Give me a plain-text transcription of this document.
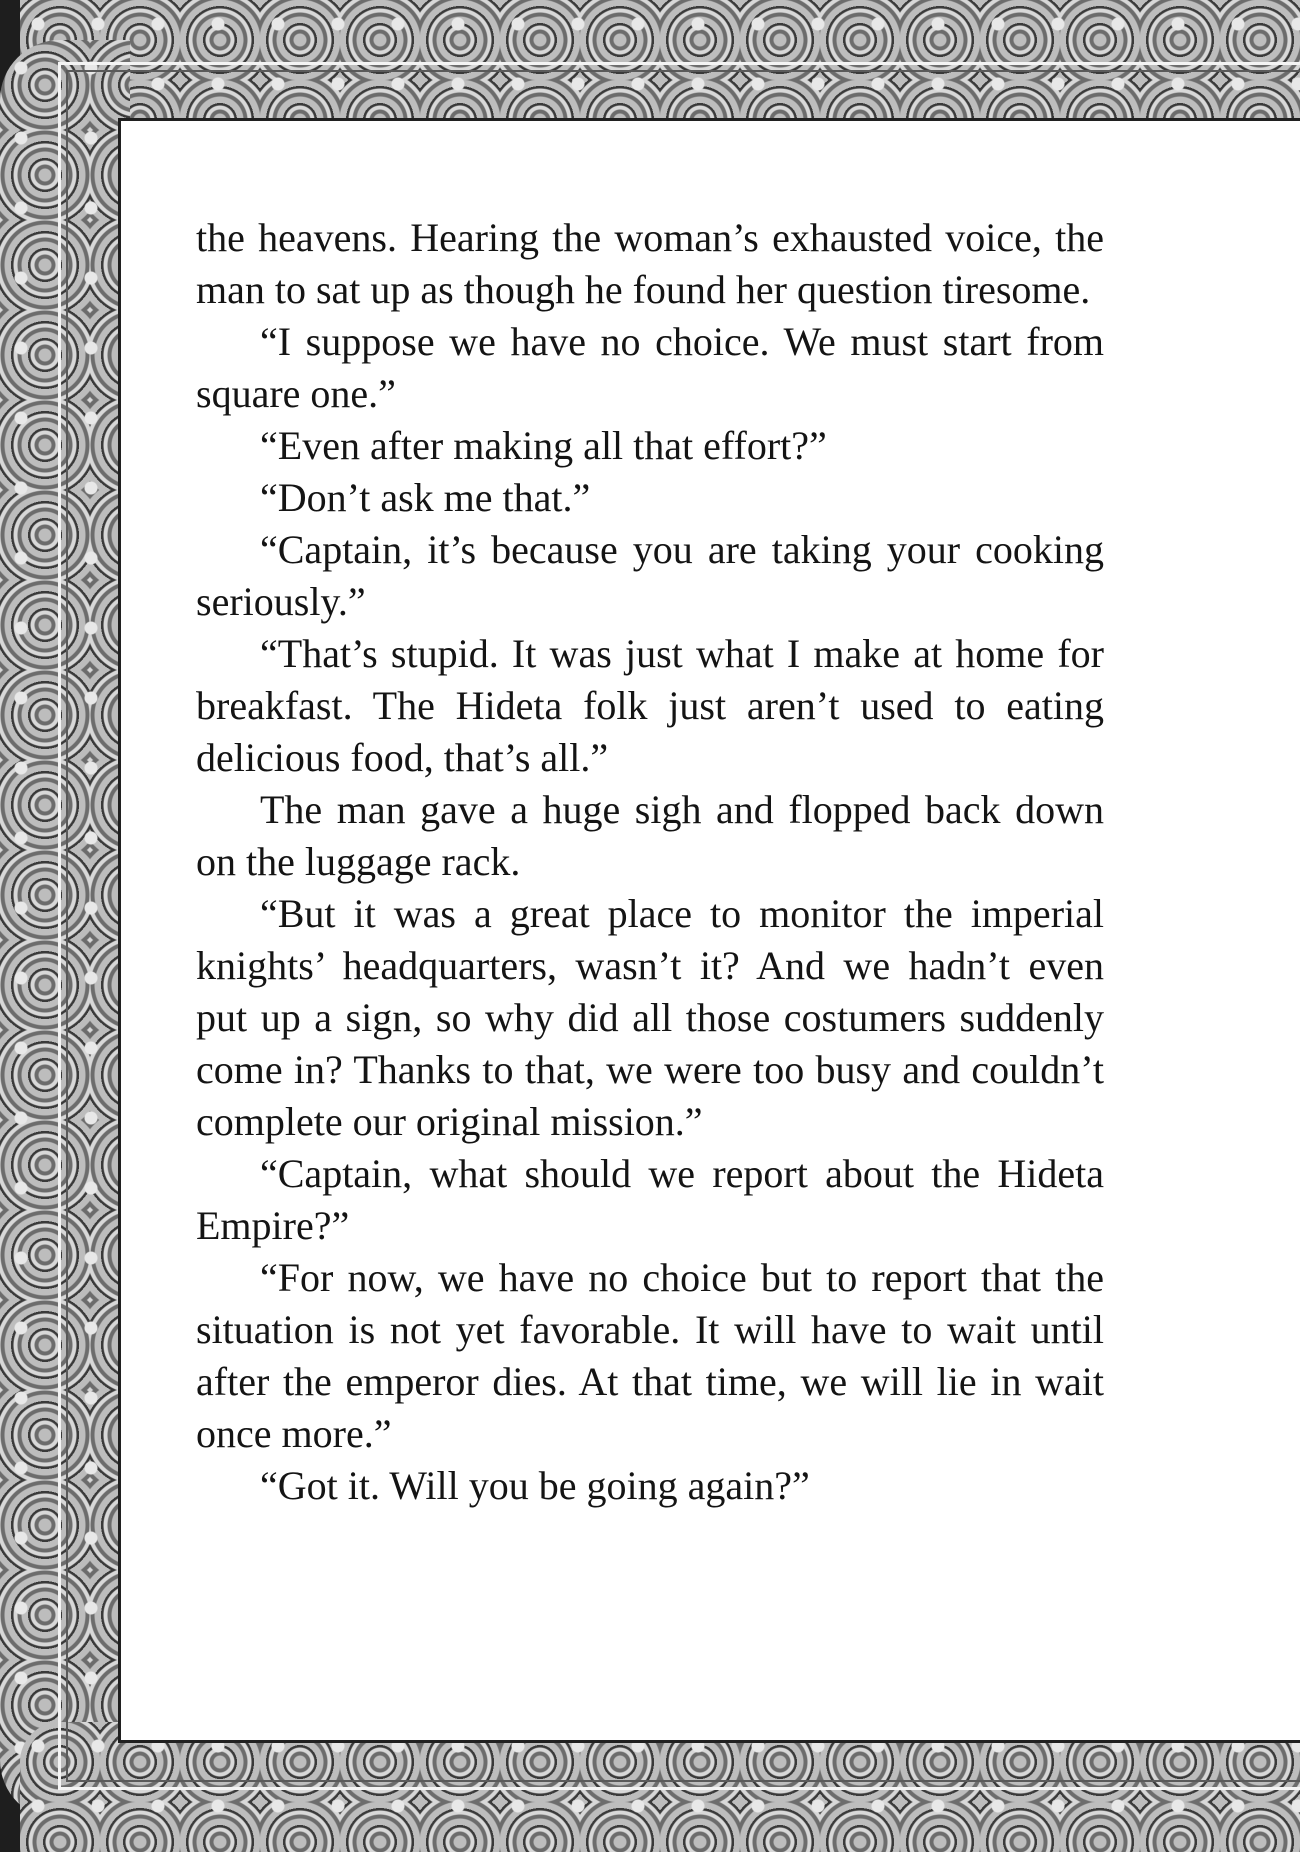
the heavens. Hearing the woman’s exhausted voice, the man to sat up as though he found her question tiresome.

“I suppose we have no choice. We must start from square one.”

“Even after making all that effort?”

“Don’t ask me that.”

“Captain, it’s because you are taking your cooking seriously.”

“That’s stupid. It was just what I make at home for breakfast. The Hideta folk just aren’t used to eating delicious food, that’s all.”

The man gave a huge sigh and flopped back down on the luggage rack.

“But it was a great place to monitor the imperial knights’ headquarters, wasn’t it? And we hadn’t even put up a sign, so why did all those costumers suddenly come in? Thanks to that, we were too busy and couldn’t complete our original mission.”

“Captain, what should we report about the Hideta Empire?”

“For now, we have no choice but to report that the situation is not yet favorable. It will have to wait until after the emperor dies. At that time, we will lie in wait once more.”

“Got it. Will you be going again?”
